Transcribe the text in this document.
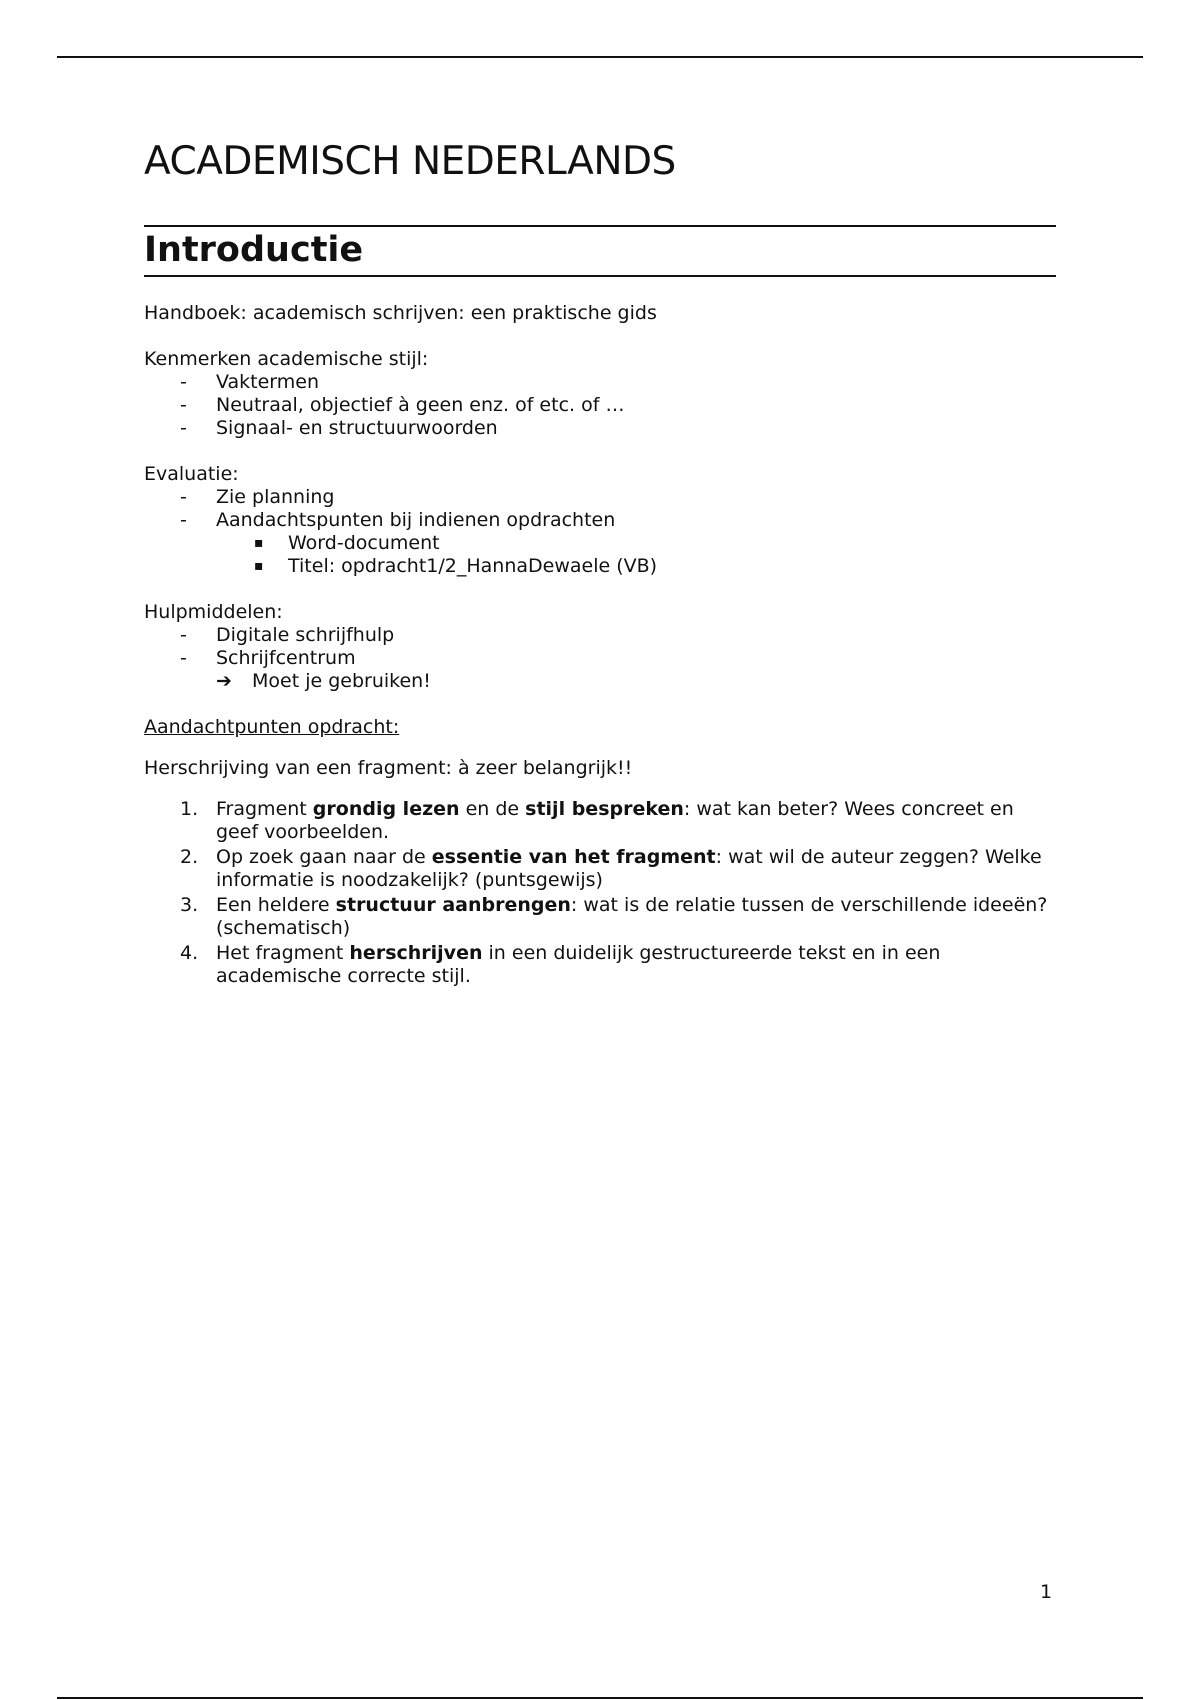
ACADEMISCH NEDERLANDS
Introductie
Handboek: academisch schrijven: een praktische gids
Kenmerken academische stijl:
- Vaktermen
- Neutraal, objectief à geen enz. of etc. of …
- Signaal- en structuurwoorden
Evaluatie:
- Zie planning
- Aandachtspunten bij indienen opdrachten
▪ Word-document
▪ Titel: opdracht1/2_HannaDewaele (VB)
Hulpmiddelen:
- Digitale schrijfhulp
- Schrijfcentrum
➔ Moet je gebruiken!
Aandachtpunten opdracht:
Herschrijving van een fragment: à zeer belangrijk!!
1. Fragment grondig lezen en de stijl bespreken: wat kan beter? Wees concreet en geef voorbeelden.
2. Op zoek gaan naar de essentie van het fragment: wat wil de auteur zeggen? Welke informatie is noodzakelijk? (puntsgewijs)
3. Een heldere structuur aanbrengen: wat is de relatie tussen de verschillende ideeën? (schematisch)
4. Het fragment herschrijven in een duidelijk gestructureerde tekst en in een academische correcte stijl.
1
